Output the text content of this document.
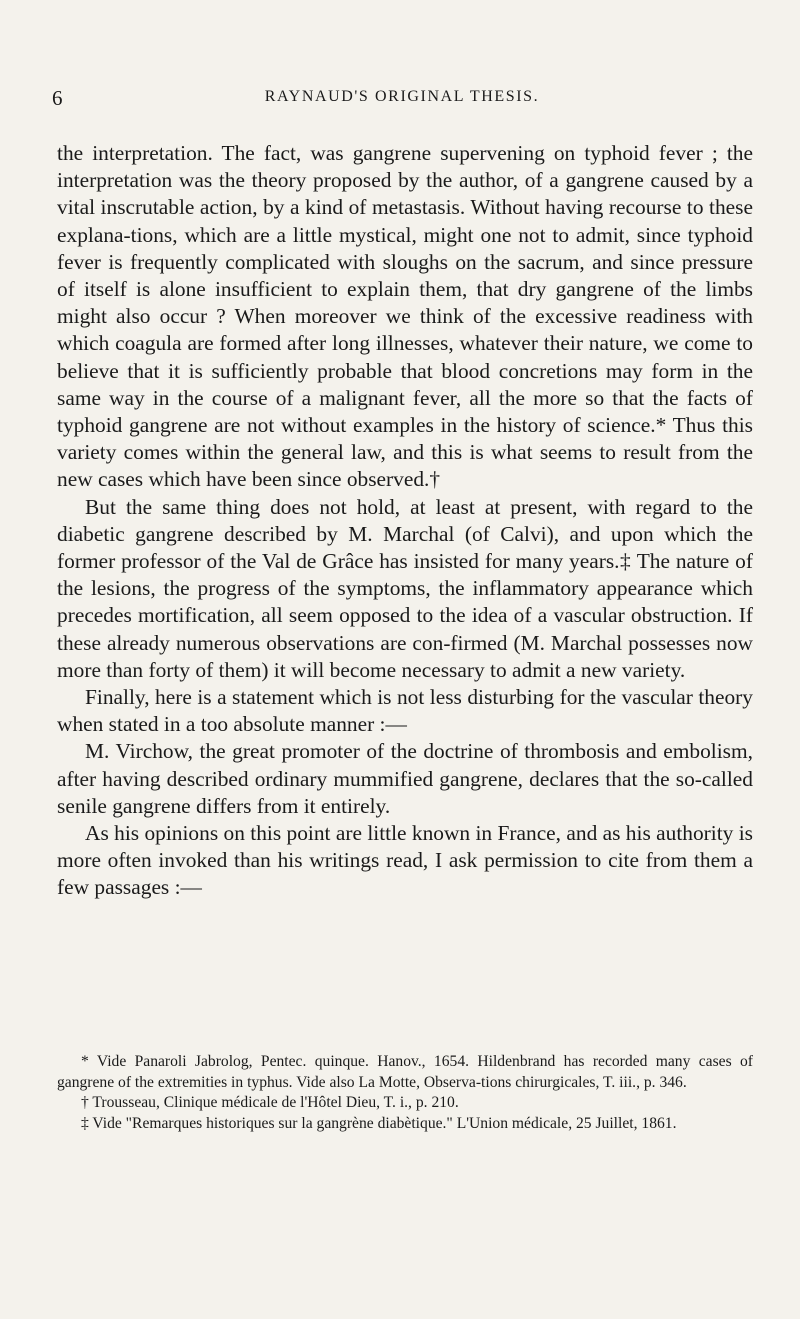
6	RAYNAUD'S ORIGINAL THESIS.

the interpretation. The fact, was gangrene supervening on typhoid fever ; the interpretation was the theory proposed by the author, of a gangrene caused by a vital inscrutable action, by a kind of metastasis. Without having recourse to these explana-tions, which are a little mystical, might one not to admit, since typhoid fever is frequently complicated with sloughs on the sacrum, and since pressure of itself is alone insufficient to explain them, that dry gangrene of the limbs might also occur ? When moreover we think of the excessive readiness with which coagula are formed after long illnesses, whatever their nature, we come to believe that it is sufficiently probable that blood concretions may form in the same way in the course of a malignant fever, all the more so that the facts of typhoid gangrene are not without examples in the history of science.* Thus this variety comes within the general law, and this is what seems to result from the new cases which have been since observed.†

But the same thing does not hold, at least at present, with regard to the diabetic gangrene described by M. Marchal (of Calvi), and upon which the former professor of the Val de Grâce has insisted for many years.‡ The nature of the lesions, the progress of the symptoms, the inflammatory appearance which precedes mortification, all seem opposed to the idea of a vascular obstruction. If these already numerous observations are con-firmed (M. Marchal possesses now more than forty of them) it will become necessary to admit a new variety.

Finally, here is a statement which is not less disturbing for the vascular theory when stated in a too absolute manner :—

M. Virchow, the great promoter of the doctrine of thrombosis and embolism, after having described ordinary mummified gangrene, declares that the so-called senile gangrene differs from it entirely.

As his opinions on this point are little known in France, and as his authority is more often invoked than his writings read, I ask permission to cite from them a few passages :—

* Vide Panaroli Jabrolog, Pentec. quinque. Hanov., 1654. Hildenbrand has recorded many cases of gangrene of the extremities in typhus. Vide also La Motte, Observa-tions chirurgicales, T. iii., p. 346.

† Trousseau, Clinique médicale de l'Hôtel Dieu, T. i., p. 210.

‡ Vide "Remarques historiques sur la gangrène diabètique." L'Union médicale, 25 Juillet, 1861.
